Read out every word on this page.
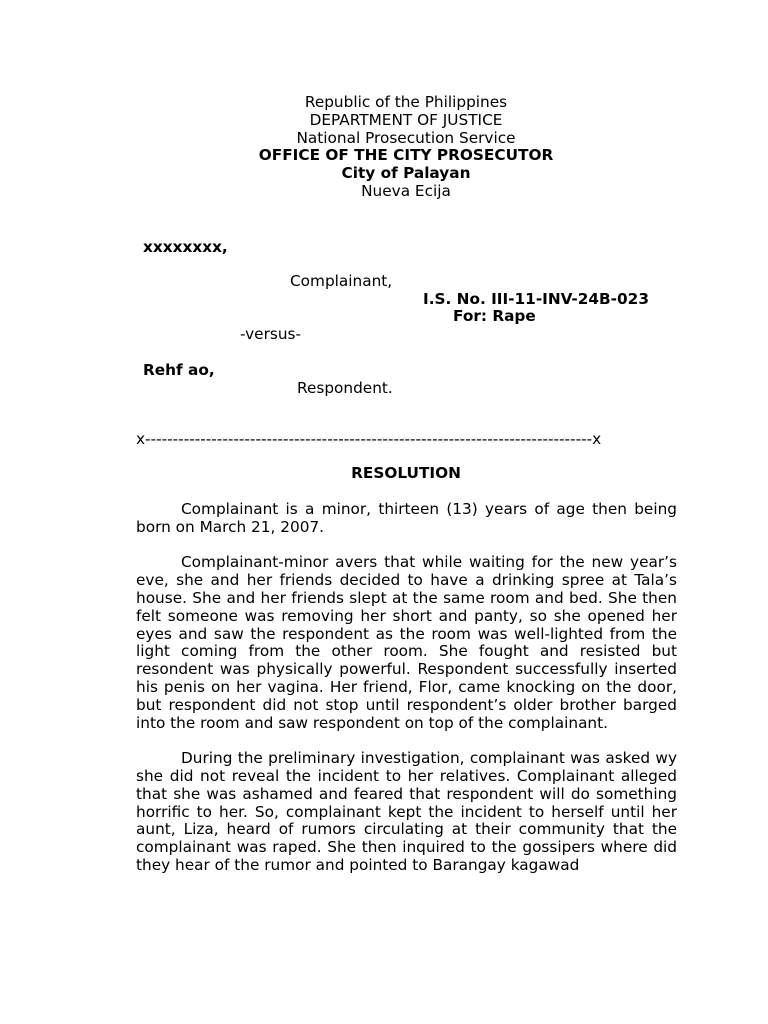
Republic of the Philippines
DEPARTMENT OF JUSTICE
National Prosecution Service
OFFICE OF THE CITY PROSECUTOR
City of Palayan
Nueva Ecija
xxxxxxxx,
Complainant,
I.S. No. III-11-INV-24B-023
For: Rape
-versus-
Rehf ao,
Respondent.
x---------------------------------------------------------------------------------x
RESOLUTION

Complainant is a minor, thirteen (13) years of age then being born on March 21, 2007.

Complainant-minor avers that while waiting for the new year’s eve, she and her friends decided to have a drinking spree at Tala’s house. She and her friends slept at the same room and bed. She then felt someone was removing her short and panty, so she opened her eyes and saw the respondent as the room was well-lighted from the light coming from the other room. She fought and resisted but resondent was physically powerful. Respondent successfully inserted his penis on her vagina. Her friend, Flor, came knocking on the door, but respondent did not stop until respondent’s older brother barged into the room and saw respondent on top of the complainant.

During the preliminary investigation, complainant was asked wy she did not reveal the incident to her relatives. Complainant alleged that she was ashamed and feared that respondent will do something horrific to her. So, complainant kept the incident to herself until her aunt, Liza, heard of rumors circulating at their community that the complainant was raped. She then inquired to the gossipers where did they hear of the rumor and pointed to Barangay kagawad
